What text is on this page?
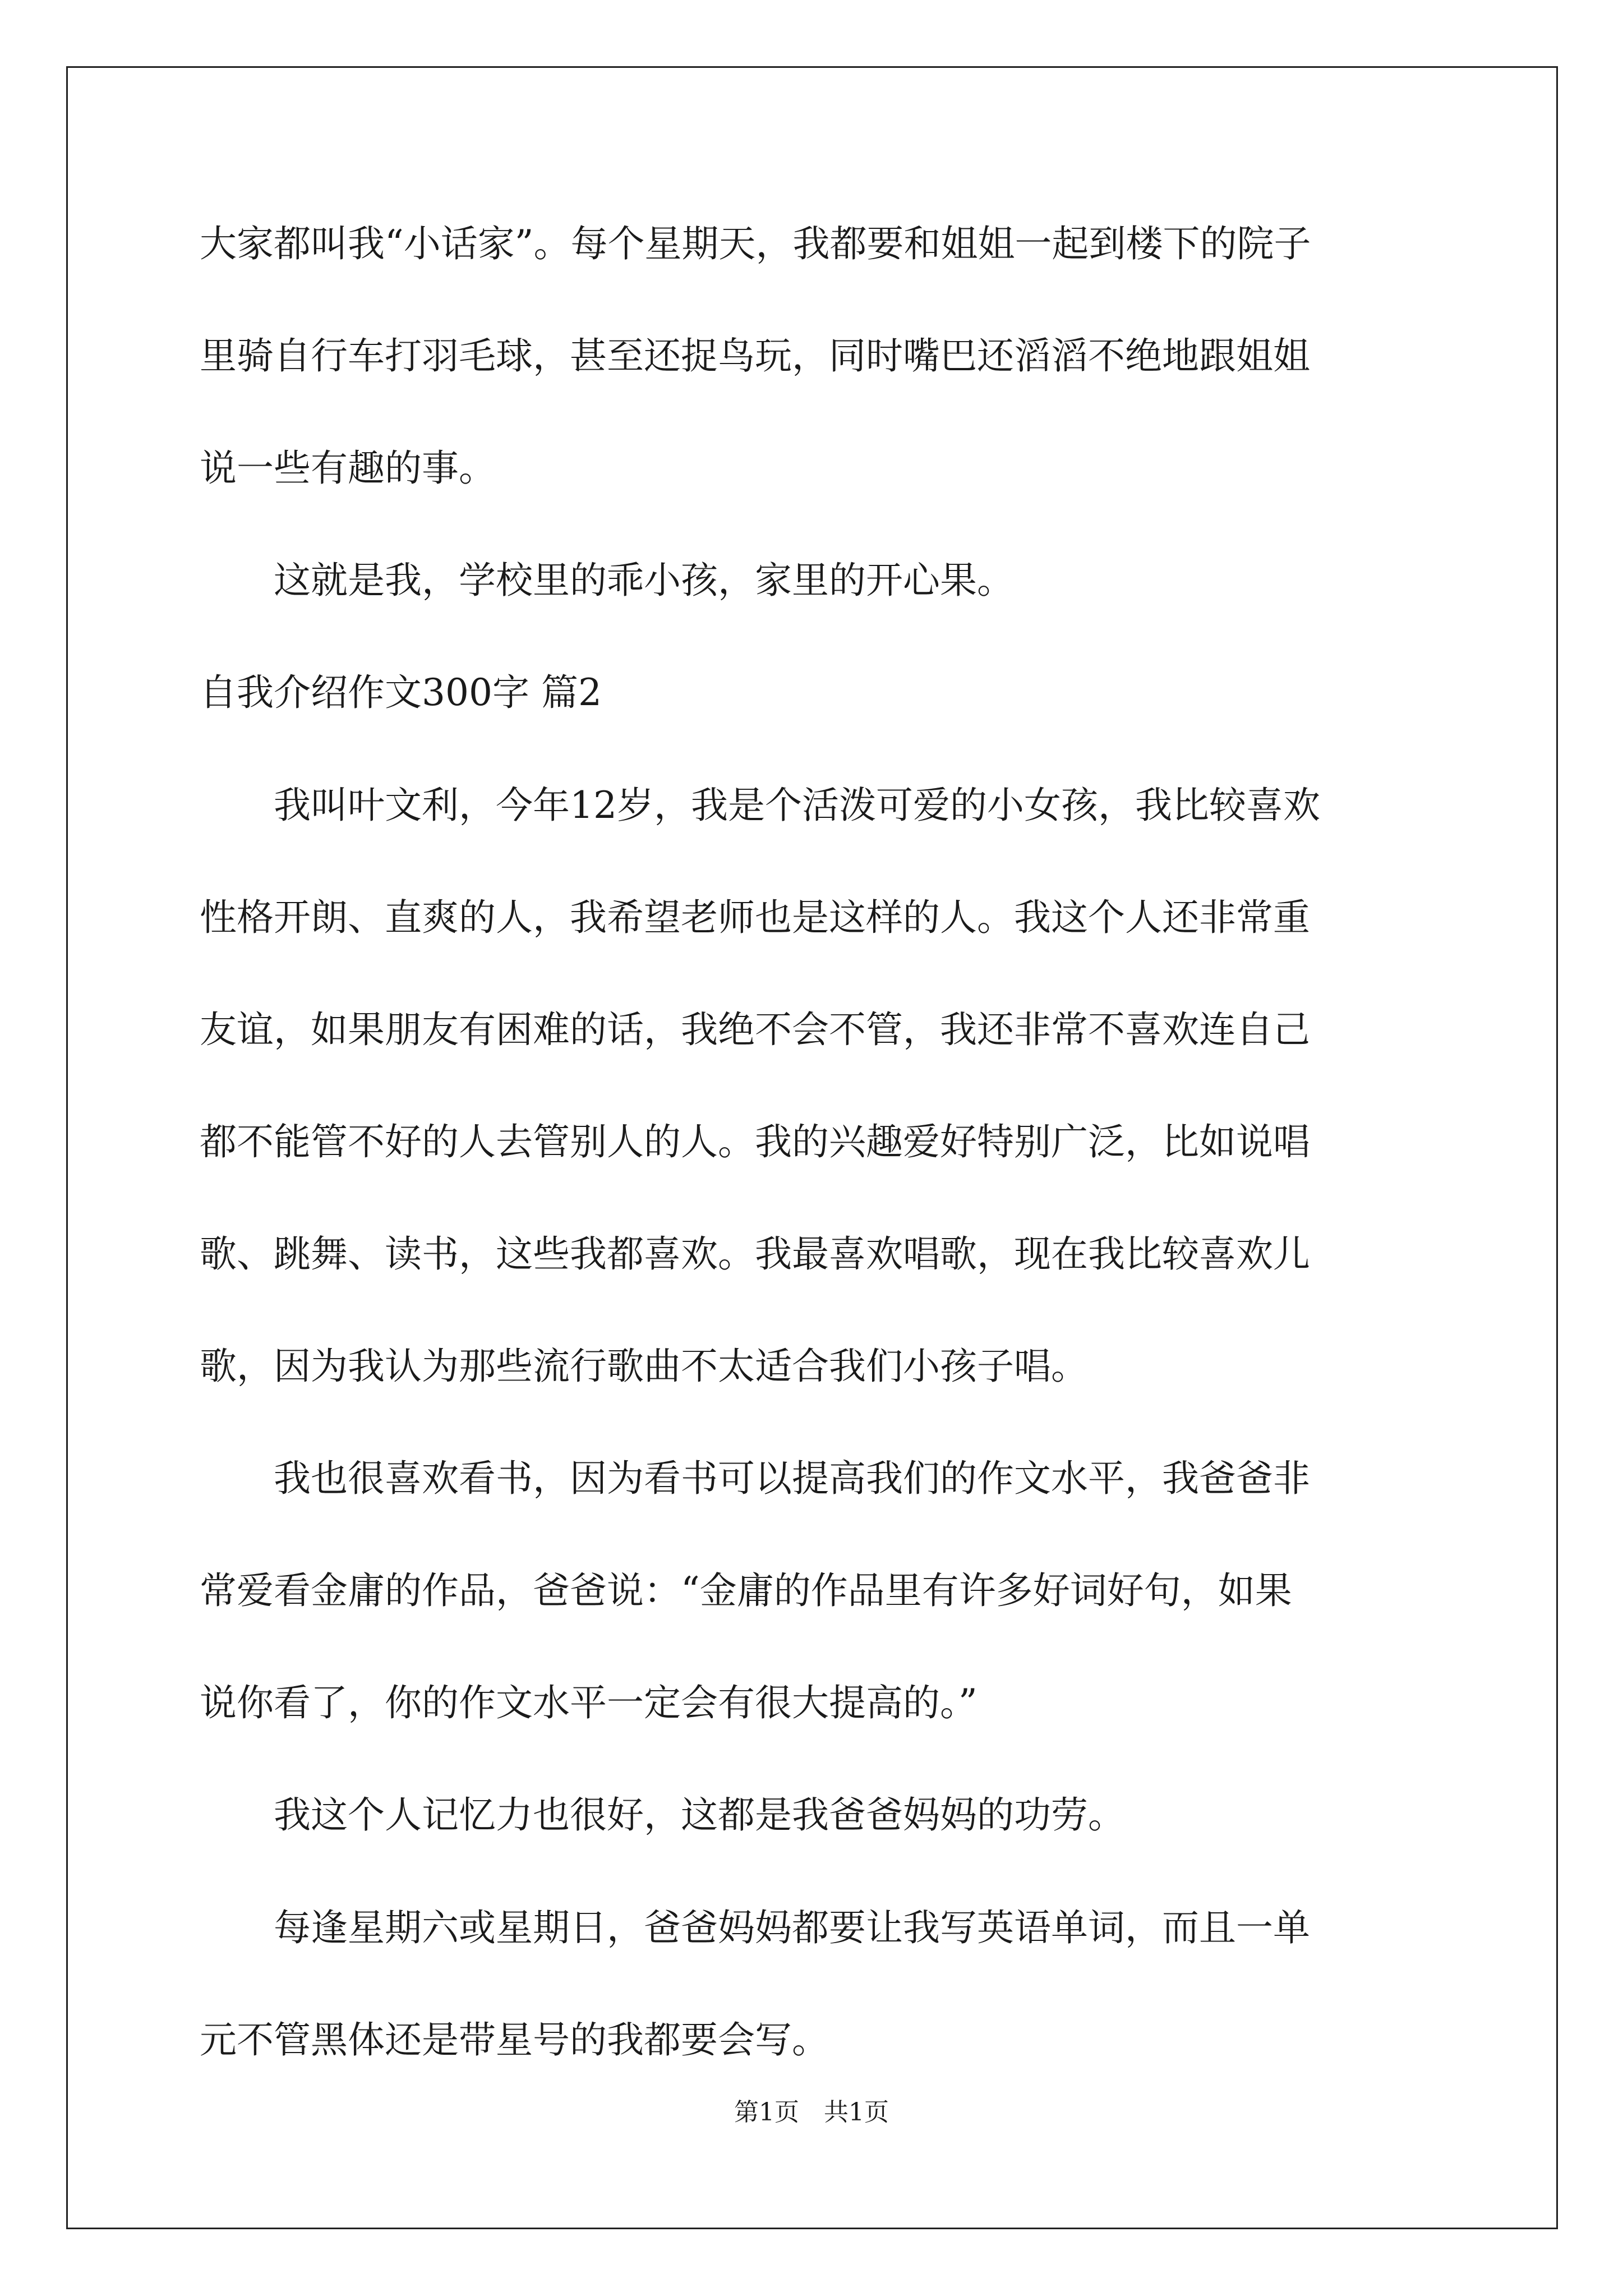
大家都叫我“小话家”。每个星期天，我都要和姐姐一起到楼下的院子
里骑自行车打羽毛球，甚至还捉鸟玩，同时嘴巴还滔滔不绝地跟姐姐
说一些有趣的事。
　　这就是我，学校里的乖小孩，家里的开心果。
自我介绍作文300字 篇2
　　我叫叶文利，今年12岁，我是个活泼可爱的小女孩，我比较喜欢
性格开朗、直爽的人，我希望老师也是这样的人。我这个人还非常重
友谊，如果朋友有困难的话，我绝不会不管，我还非常不喜欢连自己
都不能管不好的人去管别人的人。我的兴趣爱好特别广泛，比如说唱
歌、跳舞、读书，这些我都喜欢。我最喜欢唱歌，现在我比较喜欢儿
歌，因为我认为那些流行歌曲不太适合我们小孩子唱。
　　我也很喜欢看书，因为看书可以提高我们的作文水平，我爸爸非
常爱看金庸的作品，爸爸说：“金庸的作品里有许多好词好句，如果
说你看了，你的作文水平一定会有很大提高的。”
　　我这个人记忆力也很好，这都是我爸爸妈妈的功劳。
　　每逢星期六或星期日，爸爸妈妈都要让我写英语单词，而且一单
元不管黑体还是带星号的我都要会写。
第1页　共1页
